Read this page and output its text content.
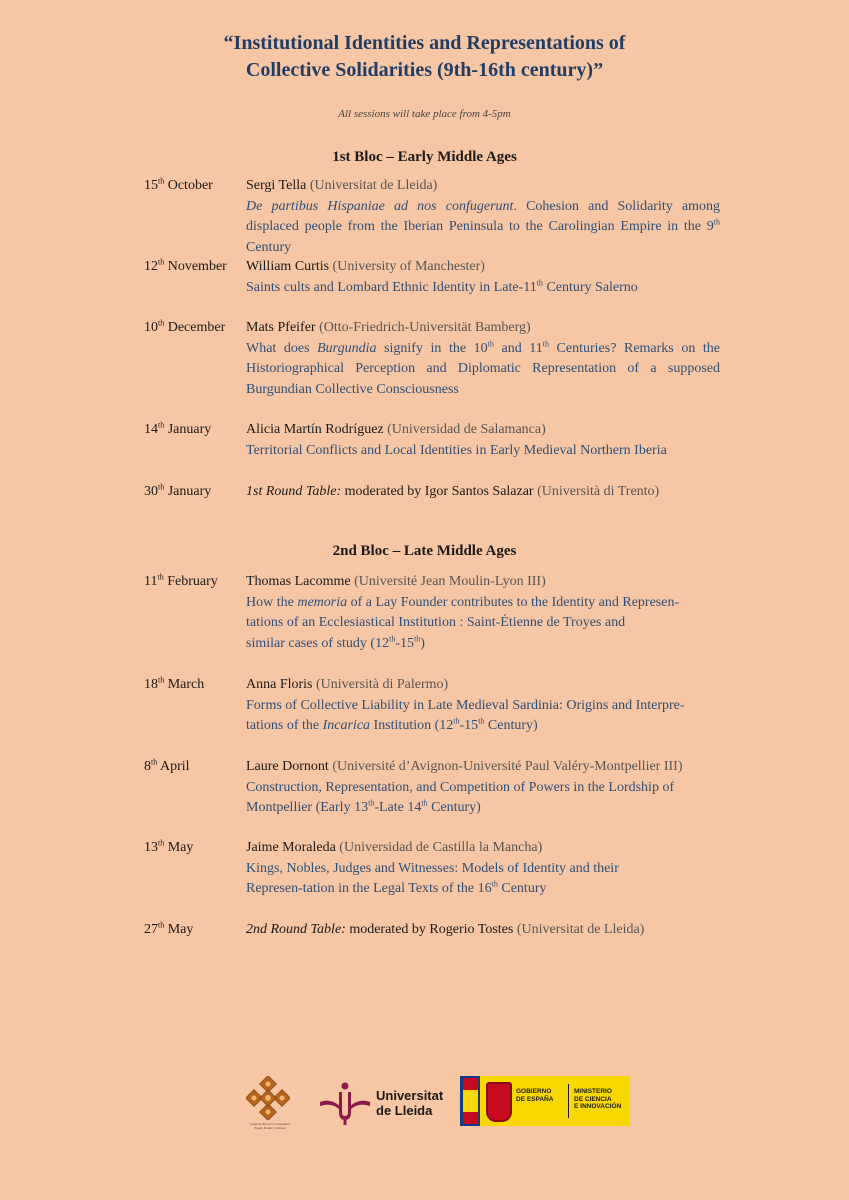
“Institutional Identities and Representations of
Collective Solidarities (9th-16th century)”
All sessions will take place from 4-5pm
1st Bloc – Early Middle Ages
15th October	Sergi Tella (Universitat de Lleida)
De partibus Hispaniae ad nos confugerunt. Cohesion and Solidarity among displaced people from the Iberian Peninsula to the Carolingian Empire in the 9th Century
12th November	William Curtis (University of Manchester)
Saints cults and Lombard Ethnic Identity in Late-11th Century Salerno
10th December	Mats Pfeifer (Otto-Friedrich-Universität Bamberg)
What does Burgundia signify in the 10th and 11th Centuries? Remarks on the Historiographical Perception and Diplomatic Representation of a supposed Burgundian Collective Consciousness
14th January	Alicia Martín Rodríguez (Universidad de Salamanca)
Territorial Conflicts and Local Identities in Early Medieval Northern Iberia
30th January	1st Round Table: moderated by Igor Santos Salazar (Università di Trento)
2nd Bloc – Late Middle Ages
11th February	Thomas Lacomme (Université Jean Moulin-Lyon III)
How the memoria of a Lay Founder contributes to the Identity and Represen-
tations of an Ecclesiastical Institution : Saint-Étienne de Troyes and
similar cases of study (12th-15th)
18th March	Anna Floris (Università di Palermo)
Forms of Collective Liability in Late Medieval Sardinia: Origins and Interpre-
tations of the Incarica Institution (12th-15th Century)
8th April	Laure Dornont (Université d’Avignon-Université Paul Valéry-Montpellier III)
Construction, Representation, and Competition of Powers in the Lordship of
Montpellier (Early 13th-Late 14th Century)
13th May	Jaime Moraleda (Universidad de Castilla la Mancha)
Kings, Nobles, Judges and Witnesses: Models of Identity and their
Represen-tation in the Legal Texts of the 16th Century
27th May	2nd Round Table: moderated by Rogerio Tostes (Universitat de Lleida)
Grup de Recerca Consolidat Espai, Poder i Cultura
Universitat
de Lleida
GOBIERNO
DE ESPAÑA
MINISTERIO
DE CIENCIA
E INNOVACIÓN
